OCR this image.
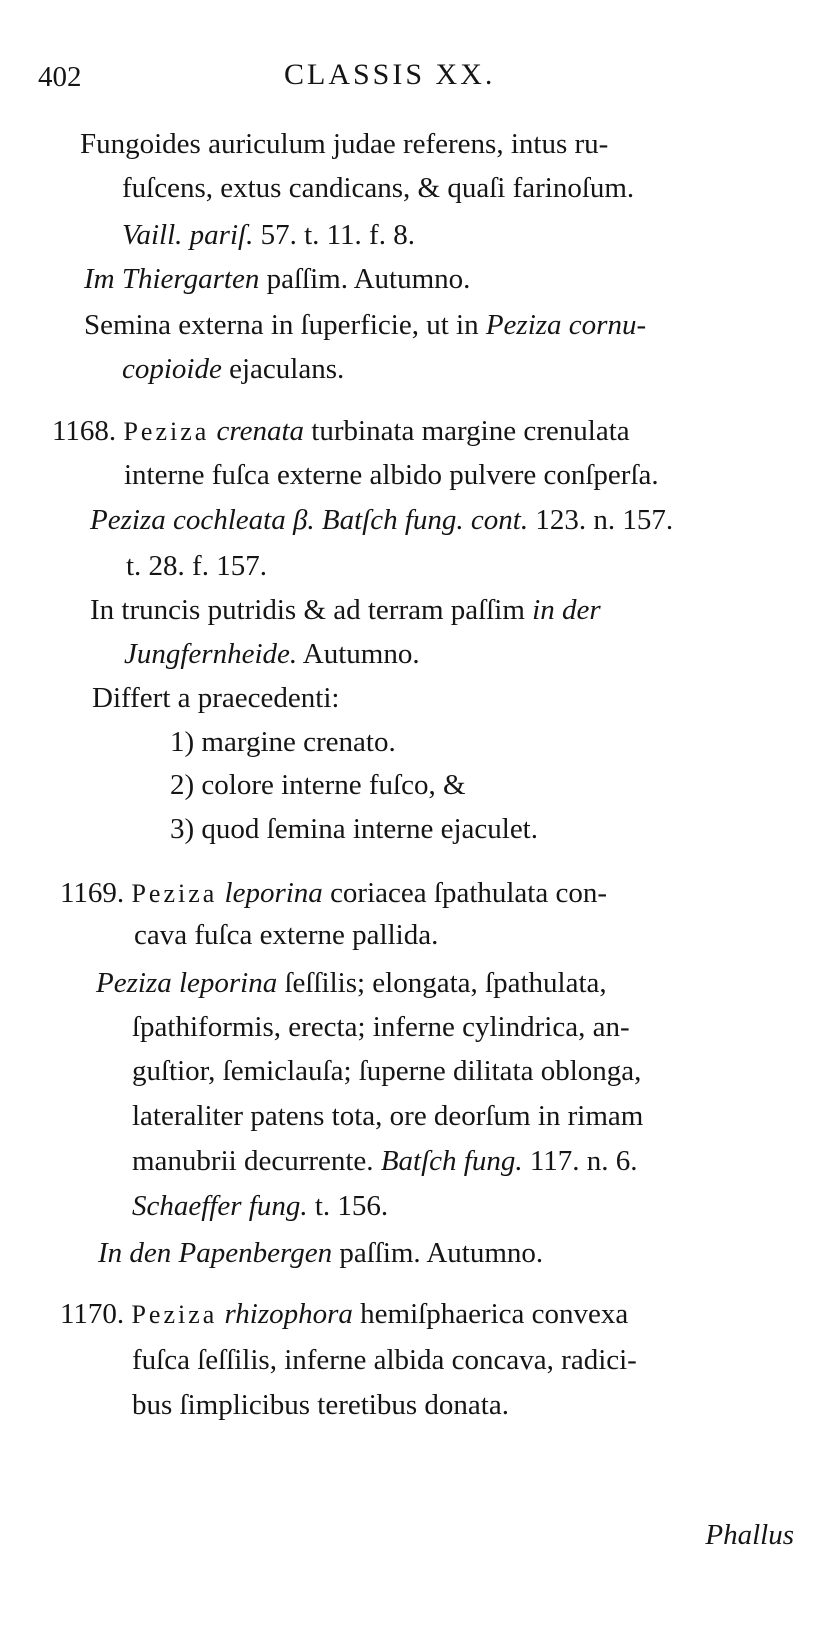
402	CLASSIS XX.
Fungoides auriculum judae referens, intus ru-
fuſcens, extus candicans, & quaſi farinoſum.
Vaill. pariſ. 57. t. 11. f. 8.
Im Thiergarten paſſim. Autumno.
Semina externa in ſuperficie, ut in Peziza cornu-
copioide ejaculans.
1168. Peziza crenata turbinata margine crenulata
interne fuſca externe albido pulvere conſperſa.
Peziza cochleata β. Batſch fung. cont. 123. n. 157.
t. 28. f. 157.
In truncis putridis & ad terram paſſim in der
Jungfernheide. Autumno.
Differt a praecedenti:
1) margine crenato.
2) colore interne fuſco, &
3) quod ſemina interne ejaculet.
1169. Peziza leporina coriacea ſpathulata con-
cava fuſca externe pallida.
Peziza leporina ſeſſilis; elongata, ſpathulata,
ſpathiformis, erecta; inferne cylindrica, an-
guſtior, ſemiclauſa; ſuperne dilitata oblonga,
lateraliter patens tota, ore deorſum in rimam
manubrii decurrente. Batſch fung. 117. n. 6.
Schaeffer fung. t. 156.
In den Papenbergen paſſim. Autumno.
1170. Peziza rhizophora hemiſphaerica convexa
fuſca ſeſſilis, inferne albida concava, radici-
bus ſimplicibus teretibus donata.
Phallus
